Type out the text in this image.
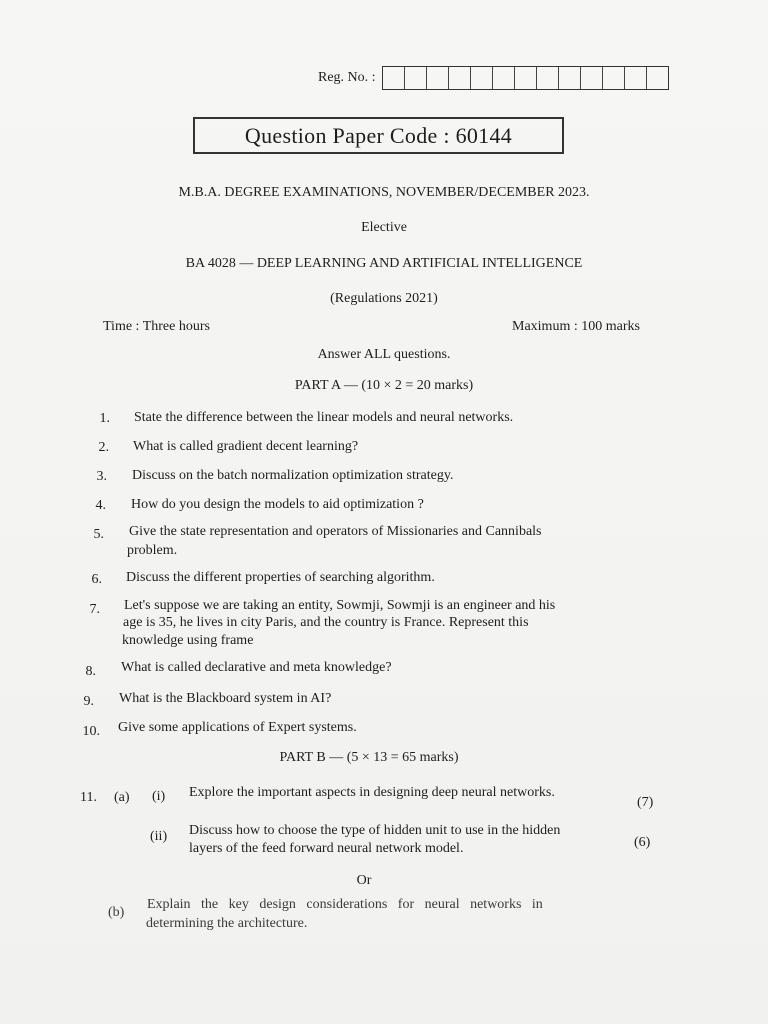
Reg. No. :
Question Paper Code : 60144
M.B.A. DEGREE EXAMINATIONS, NOVEMBER/DECEMBER 2023.
Elective
BA 4028 — DEEP LEARNING AND ARTIFICIAL INTELLIGENCE
(Regulations 2021)
Time : Three hours	Maximum : 100 marks
Answer ALL questions.
PART A — (10 × 2 = 20 marks)
1. State the difference between the linear models and neural networks.
2. What is called gradient decent learning?
3. Discuss on the batch normalization optimization strategy.
4. How do you design the models to aid optimization ?
5. Give the state representation and operators of Missionaries and Cannibals
problem.
6. Discuss the different properties of searching algorithm.
7. Let's suppose we are taking an entity, Sowmji, Sowmji is an engineer and his
age is 35, he lives in city Paris, and the country is France. Represent this
knowledge using frame
8. What is called declarative and meta knowledge?
9. What is the Blackboard system in AI?
10. Give some applications of Expert systems.
PART B — (5 × 13 = 65 marks)
11. (a) (i) Explore the important aspects in designing deep neural networks.
(7)
(ii) Discuss how to choose the type of hidden unit to use in the hidden
layers of the feed forward neural network model.	(6)
Or
(b)
Explain   the   key   design   considerations   for   neural   networks   in
determining the architecture.
